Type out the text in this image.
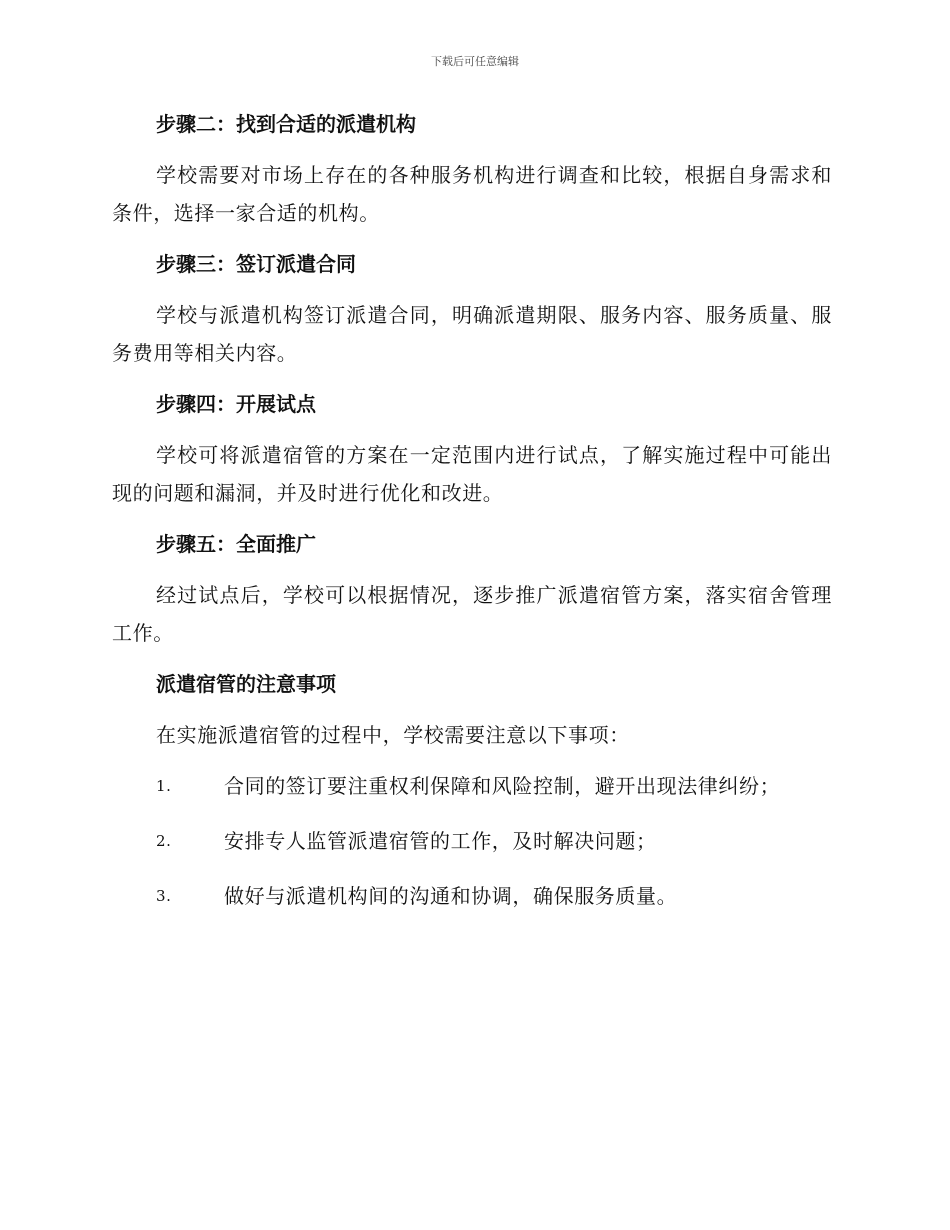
下载后可任意编辑
步骤二：找到合适的派遣机构

学校需要对市场上存在的各种服务机构进行调查和比较，根据自身需求和条件，选择一家合适的机构。

步骤三：签订派遣合同

学校与派遣机构签订派遣合同，明确派遣期限、服务内容、服务质量、服务费用等相关内容。

步骤四：开展试点

学校可将派遣宿管的方案在一定范围内进行试点，了解实施过程中可能出现的问题和漏洞，并及时进行优化和改进。

步骤五：全面推广

经过试点后，学校可以根据情况，逐步推广派遣宿管方案，落实宿舍管理工作。

派遣宿管的注意事项

在实施派遣宿管的过程中，学校需要注意以下事项：

1.	合同的签订要注重权利保障和风险控制，避开出现法律纠纷；
2.	安排专人监管派遣宿管的工作，及时解决问题；
3.	做好与派遣机构间的沟通和协调，确保服务质量。
